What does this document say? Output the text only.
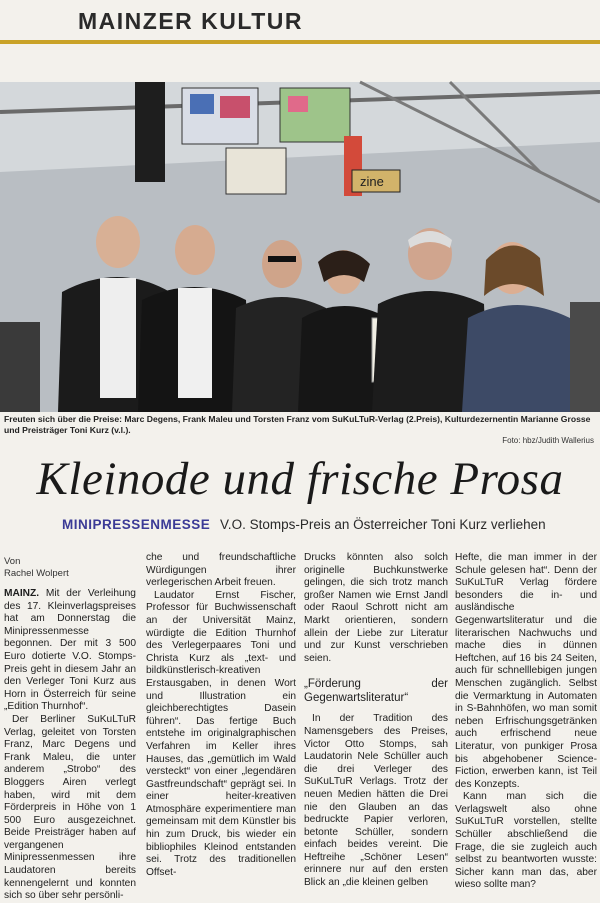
MAINZER KULTUR
zine
Freuten sich über die Preise: Marc Degens, Frank Maleu und Torsten Franz vom SuKuLTuR-Verlag (2.Preis), Kulturdezernentin Marianne Grosse und Preisträger Toni Kurz (v.l.).
Foto: hbz/Judith Wallerius
Kleinode und frische Prosa
MINIPRESSENMESSE V.O. Stomps-Preis an Österreicher Toni Kurz verliehen
Von
Rachel Wolpert

MAINZ. Mit der Verleihung des 17. Kleinverlagspreises hat am Donnerstag die Minipressenmesse begonnen. Der mit 3 500 Euro dotierte V.O. Stomps-Preis geht in diesem Jahr an den Verleger Toni Kurz aus Horn in Österreich für seine „Edition Thurnhof“.

Der Berliner SuKuLTuR Verlag, geleitet von Torsten Franz, Marc Degens und Frank Maleu, die unter anderem „Strobo“ des Bloggers Airen verlegt haben, wird mit dem Förderpreis in Höhe von 1 500 Euro ausgezeichnet. Beide Preisträger haben auf vergangenen Minipressenmessen ihre Laudatoren bereits kennengelernt und konnten sich so über sehr persönli-

che und freundschaftliche Würdigungen ihrer verlegerischen Arbeit freuen.

Laudator Ernst Fischer, Professor für Buchwissenschaft an der Universität Mainz, würdigte die Edition Thurnhof des Verlegerpaares Toni und Christa Kurz als „text- und bildkünstlerisch-kreativen Erstausgaben, in denen Wort und Illustration ein gleichberechtigtes Dasein führen“. Das fertige Buch entstehe im originalgraphischen Verfahren im Keller ihres Hauses, das „gemütlich im Wald versteckt“ von einer „legendären Gastfreundschaft“ geprägt sei. In einer heiter-kreativen Atmosphäre experimentiere man gemeinsam mit dem Künstler bis hin zum Druck, bis wieder ein bibliophiles Kleinod entstanden sei. Trotz des traditionellen Offset-

Drucks könnten also solch originelle Buchkunstwerke gelingen, die sich trotz manch großer Namen wie Ernst Jandl oder Raoul Schrott nicht am Markt orientieren, sondern allein der Liebe zur Literatur und zur Kunst verschrieben seien.

„Förderung der Gegenwartsliteratur“

In der Tradition des Namensgebers des Preises, Victor Otto Stomps, sah Laudatorin Nele Schüller auch die drei Verleger des SuKuLTuR Verlags. Trotz der neuen Medien hätten die Drei nie den Glauben an das bedruckte Papier verloren, betonte Schüller, sondern einfach beides vereint. Die Heftreihe „Schöner Lesen“ erinnere nur auf den ersten Blick an „die kleinen gelben

Hefte, die man immer in der Schule gelesen hat“. Denn der SuKuLTuR Verlag fördere besonders die in- und ausländische Gegenwartsliteratur und die literarischen Nachwuchs und mache dies in dünnen Heftchen, auf 16 bis 24 Seiten, auch für schnelllebigen jungen Menschen zugänglich. Selbst die Vermarktung in Automaten in S-Bahnhöfen, wo man somit neben Erfrischungsgetränken auch erfrischend neue Literatur, von punkiger Prosa bis abgehobener Science-Fiction, erwerben kann, ist Teil des Konzepts.

Kann man sich die Verlagswelt also ohne SuKuLTuR vorstellen, stellte Schüller abschließend die Frage, die sie zugleich auch selbst zu beantworten wusste: Sicher kann man das, aber wieso sollte man?
